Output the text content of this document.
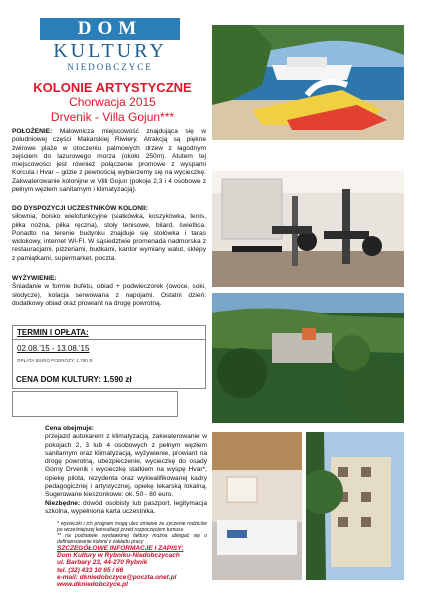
DOM
KULTURY
NIEDOBCZYCE
KOLONIE ARTYSTYCZNE
Chorwacja 2015
Drvenik - Villa Gojun***
POŁOŻENIE: Malownicza miejscowość znajdująca się w południowej części Makarskiej Riwiery. Atrakcją są piękne żwirowe plaże w otoczeniu palmowych drzew z łagodnym zejściem do lazurowego morza (około 250m). Atutem tej miejscowości jest również połączenie promowe z wyspami Korcula i Hvar – gdzie z pewnością wybierzemy się na wycieczkę. Zakwaterowanie kolonijne w Villi Gojun (pokoje 2,3 i 4 osobowe z pełnym węzłem sanitarnym i klimatyzacją).
DO DYSPOZYCJI UCZESTNIKÓW KOLONII:
siłownia, boisko wielofunkcyjne (siatkówka, koszykówka, tenis, piłka nożna, piłka ręczna), stoły tenisowe, bilard, świetlica. Ponadto na terenie budynku znajduje się stołówka i taras widokowy, internet WI-FI. W sąsiedztwie promenada nadmorska z restauracjami, pizzeriami, budkami, kantor wymiany walut, sklepy z pamiątkami, supermarket, poczta.
WYŻYWIENIE:
Śniadanie w formie bufetu, obiad + podwieczorek (owoce, soki, słodycze), kolacja serwowana z napojami. Ostatni dzień: dodatkowy obiad oraz prowiant na drogę powrotną.
TERMIN I OPŁATA:
02.08.'15 - 13.08.'15
OPŁATA BIURO PODRÓŻY: 1.750 zł
CENA DOM KULTURY: 1.590 zł
Cena obejmuje:
przejazd autokarem z klimatyzacją, zakwaterowanie w pokojach 2, 3 lub 4 osobowych z pełnym węzłem sanitarnym oraz klimatyzacją, wyżywienie, prowiant na drogę powrotną, ubezpieczenie, wycieczkę do osady Górny Drvenik i wycieczkę statkiem na wyspę Hvar*, opiekę pilota, rezydenta oraz wykwalifikowanej kadry pedagogicznej i artystycznej, opiekę lekarską lokalną, Sugerowane kieszonkowe: ok. 50 - 80 euro.
Niezbędne: dowód osobisty lub paszport, legitymacja szkolna, wypełniona karta uczestnika.
* wycieczki i ich program mogą ulec zmianie ze zyczenie rodziców po wcześniejszej konsultacji przed rozpoczęciem turnusu
** na podstawie wystawionej faktury można ubiegać się o dofinansowanie kolonii z zakładu pracy
SZCZEGÓŁOWE INFORMACJE I ZAPISY:
Dom Kultury w Rybniku-Niedobczycach
ul. Barbary 23, 44-270 Rybnik
tel. (32) 433 10 65 / 66
e-mail: dkniedobczyce@poczta.onet.pl
www.dkniedobczyce.pl
